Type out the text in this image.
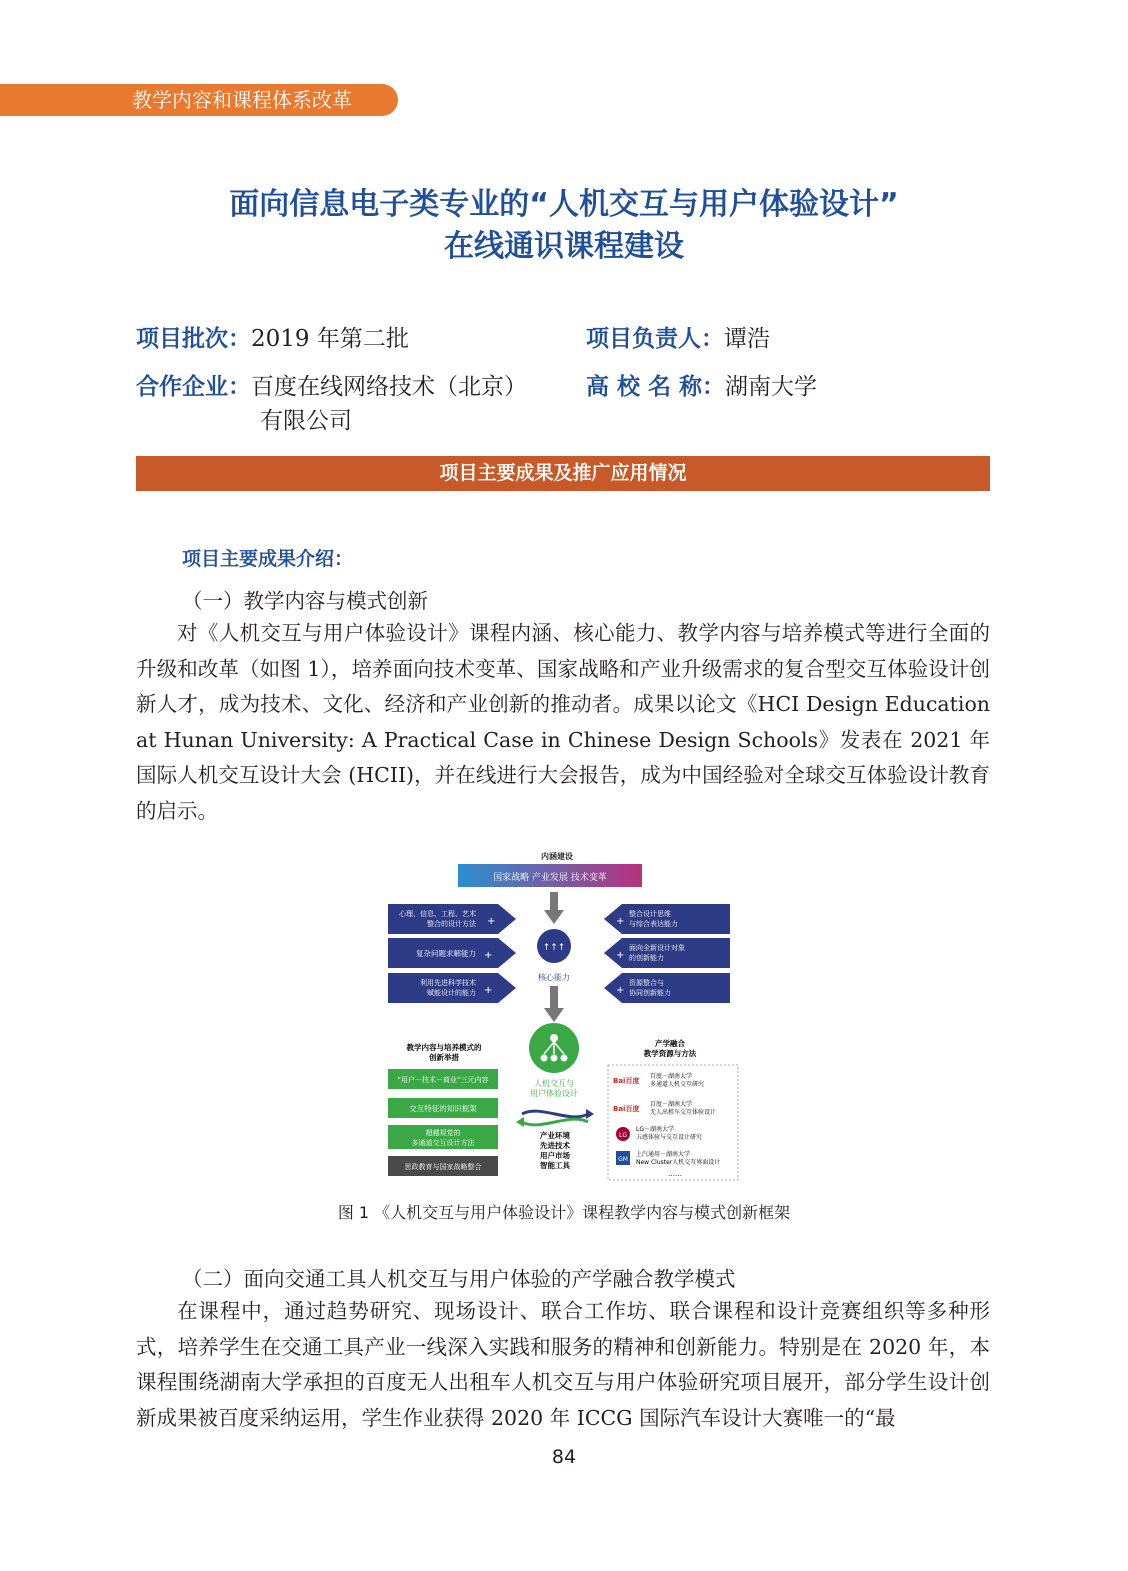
教学内容和课程体系改革
面向信息电子类专业的“人机交互与用户体验设计”
在线通识课程建设
项目批次：2019 年第二批	项目负责人：谭浩
合作企业：百度在线网络技术（北京）
有限公司
高 校 名 称：湖南大学
项目主要成果及推广应用情况
项目主要成果介绍：
（一）教学内容与模式创新

对《人机交互与用户体验设计》课程内涵、核心能力、教学内容与培养模式等进行全面的升级和改革（如图 1），培养面向技术变革、国家战略和产业升级需求的复合型交互体验设计创新人才，成为技术、文化、经济和产业创新的推动者。成果以论文《HCI Design Education at Hunan University: A Practical Case in Chinese Design Schools》发表在 2021 年国际人机交互设计大会 (HCII)，并在线进行大会报告，成为中国经验对全球交互体验设计教育的启示。

内涵建设
国家战略 产业发展 技术变革
↑↑↑
核心能力
心理、信息、工程、艺术
整合的设计方法 +
复杂问题求解能力 +
利用先进科学技术
赋能设计的能力 +
整合设计思维
与综合表达能力
+
面向全新设计对象
的创新能力
+
资源整合与
协同创新能力
+
人机交互与
用户体验设计
教学内容与培养模式的
创新举措
“用户－技术－商业”三元内容
交互特征的知识框架
超越视觉的
多通道交互设计方法
思政教育与国家战略整合
产业环境
先进技术
用户市场
智能工具
产学融合
教学资源与方法
Bai百度
百度－湖南大学
多通道人机交互研究
Bai百度
百度－湖南大学
无人出租车交互体验设计
LG
LG－湖南大学
五感体验与交互设计研究
GM
上汽通用－湖南大学
New Cluster人机交互界面设计
……
图 1 《人机交互与用户体验设计》课程教学内容与模式创新框架
（二）面向交通工具人机交互与用户体验的产学融合教学模式

在课程中，通过趋势研究、现场设计、联合工作坊、联合课程和设计竞赛组织等多种形式，培养学生在交通工具产业一线深入实践和服务的精神和创新能力。特别是在 2020 年，本课程围绕湖南大学承担的百度无人出租车人机交互与用户体验研究项目展开，部分学生设计创新成果被百度采纳运用，学生作业获得 2020 年 ICCG 国际汽车设计大赛唯一的“最

84
